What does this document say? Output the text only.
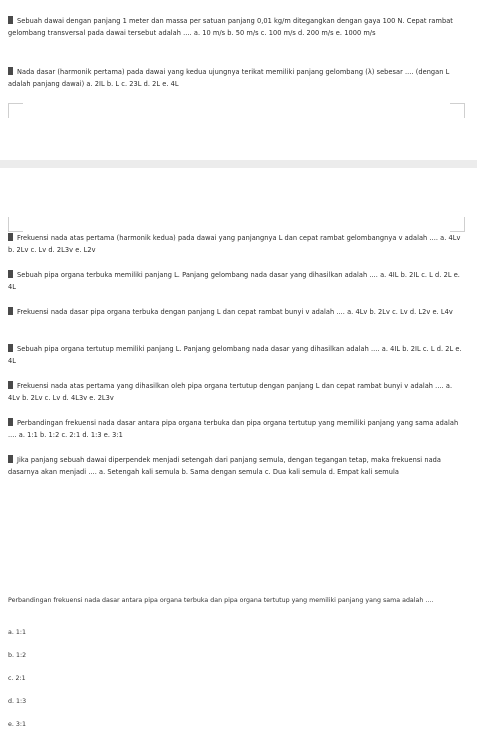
Sebuah dawai dengan panjang 1 meter dan massa per satuan panjang 0,01 kg/m ditegangkan dengan gaya 100 N. Cepat rambat gelombang transversal pada dawai tersebut adalah .... a. 10 m/s b. 50 m/s c. 100 m/s d. 200 m/s e. 1000 m/s
Nada dasar (harmonik pertama) pada dawai yang kedua ujungnya terikat memiliki panjang gelombang (λ) sebesar .... (dengan L adalah panjang dawai) a. 2IL b. L c. 23L d. 2L e. 4L
Frekuensi nada atas pertama (harmonik kedua) pada dawai yang panjangnya L dan cepat rambat gelombangnya v adalah .... a. 4Lv b. 2Lv c. Lv d. 2L3v e. L2v
Sebuah pipa organa terbuka memiliki panjang L. Panjang gelombang nada dasar yang dihasilkan adalah .... a. 4IL b. 2IL c. L d. 2L e. 4L
Frekuensi nada dasar pipa organa terbuka dengan panjang L dan cepat rambat bunyi v adalah .... a. 4Lv b. 2Lv c. Lv d. L2v e. L4v
Sebuah pipa organa tertutup memiliki panjang L. Panjang gelombang nada dasar yang dihasilkan adalah .... a. 4IL b. 2IL c. L d. 2L e. 4L
Frekuensi nada atas pertama yang dihasilkan oleh pipa organa tertutup dengan panjang L dan cepat rambat bunyi v adalah .... a. 4Lv b. 2Lv c. Lv d. 4L3v e. 2L3v
Perbandingan frekuensi nada dasar antara pipa organa terbuka dan pipa organa tertutup yang memiliki panjang yang sama adalah .... a. 1:1 b. 1:2 c. 2:1 d. 1:3 e. 3:1
Jika panjang sebuah dawai diperpendek menjadi setengah dari panjang semula, dengan tegangan tetap, maka frekuensi nada dasarnya akan menjadi .... a. Setengah kali semula b. Sama dengan semula c. Dua kali semula d. Empat kali semula
Perbandingan frekuensi nada dasar antara pipa organa terbuka dan pipa organa tertutup yang memiliki panjang yang sama adalah ....
a. 1:1
b. 1:2
c. 2:1
d. 1:3
e. 3:1
